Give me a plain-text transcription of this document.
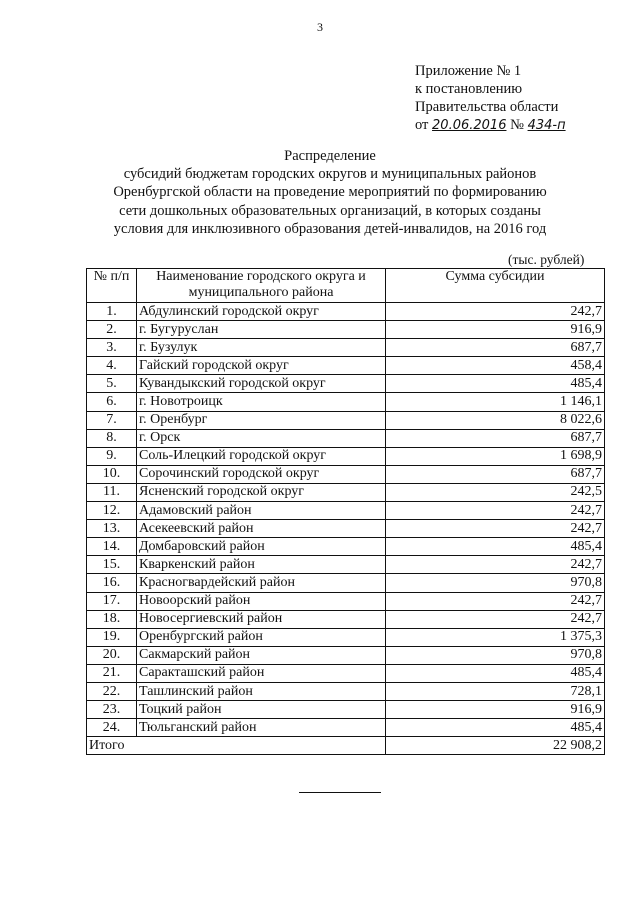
3
Приложение № 1
к постановлению
Правительства области
от 20.06.2016 № 434-п
Распределение
субсидий бюджетам городских округов и муниципальных районов
Оренбургской области на проведение мероприятий по формированию
сети дошкольных образовательных организаций, в которых созданы
условия для инклюзивного образования детей-инвалидов, на 2016 год
(тыс. рублей)
№ п/п	Наименование городского округа и муниципального района	Сумма субсидии
1.	Абдулинский городской округ	242,7
2.	г. Бугуруслан	916,9
3.	г. Бузулук	687,7
4.	Гайский городской округ	458,4
5.	Кувандыкский городской округ	485,4
6.	г. Новотроицк	1 146,1
7.	г. Оренбург	8 022,6
8.	г. Орск	687,7
9.	Соль-Илецкий городской округ	1 698,9
10.	Сорочинский городской округ	687,7
11.	Ясненский городской округ	242,5
12.	Адамовский район	242,7
13.	Асекеевский район	242,7
14.	Домбаровский район	485,4
15.	Кваркенский район	242,7
16.	Красногвардейский район	970,8
17.	Новоорский район	242,7
18.	Новосергиевский район	242,7
19.	Оренбургский район	1 375,3
20.	Сакмарский район	970,8
21.	Саракташский район	485,4
22.	Ташлинский район	728,1
23.	Тоцкий район	916,9
24.	Тюльганский район	485,4
Итого		22 908,2
